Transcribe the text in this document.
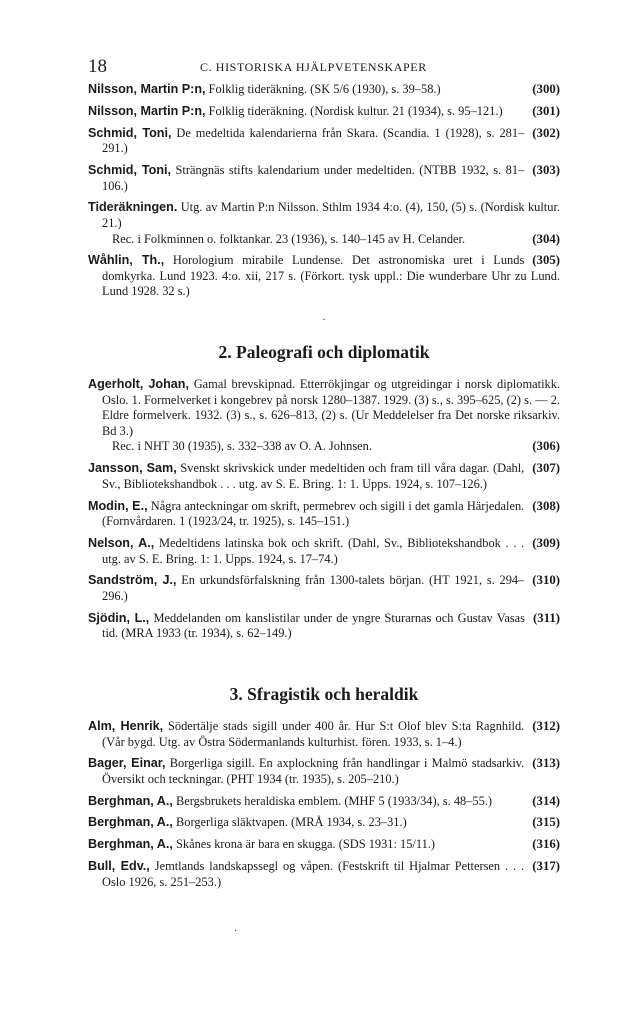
18	C. HISTORISKA HJÄLPVETENSKAPER
(300)
Nilsson, Martin P:n, Folklig tideräkning. (SK 5/6 (1930), s. 39–58.)
(301)
Nilsson, Martin P:n, Folklig tideräkning. (Nordisk kultur. 21 (1934), s. 95–121.)
(302)
Schmid, Toni, De medeltida kalendarierna från Skara. (Scandia. 1 (1928), s. 281–291.)
(303)
Schmid, Toni, Strängnäs stifts kalendarium under medeltiden. (NTBB 1932, s. 81–106.)
Tideräkningen. Utg. av Martin P:n Nilsson. Sthlm 1934 4:o. (4), 150, (5) s. (Nordisk kultur. 21.)
(304)
Rec. i Folkminnen o. folktankar. 23 (1936), s. 140–145 av H. Celander.
(305)
Wåhlin, Th., Horologium mirabile Lundense. Det astronomiska uret i Lunds domkyrka. Lund 1923. 4:o. xii, 217 s. (Förkort. tysk uppl.: Die wunderbare Uhr zu Lund. Lund 1928. 32 s.)
·
2. Paleografi och diplomatik
Agerholt, Johan, Gamal brevskipnad. Etterrökjingar og utgreidingar i norsk diplomatikk. Oslo. 1. Formelverket i kongebrev på norsk 1280–1387. 1929. (3) s., s. 395–625, (2) s. — 2. Eldre formelverk. 1932. (3) s., s. 626–813, (2) s. (Ur Meddelelser fra Det norske riksarkiv. Bd 3.)
(306)
Rec. i NHT 30 (1935), s. 332–338 av O. A. Johnsen.
(307)
Jansson, Sam, Svenskt skrivskick under medeltiden och fram till våra dagar. (Dahl, Sv., Bibliotekshandbok . . . utg. av S. E. Bring. 1: 1. Upps. 1924, s. 107–126.)
(308)
Modin, E., Några anteckningar om skrift, permebrev och sigill i det gamla Härjedalen. (Fornvårdaren. 1 (1923/24, tr. 1925), s. 145–151.)
(309)
Nelson, A., Medeltidens latinska bok och skrift. (Dahl, Sv., Bibliotekshandbok . . . utg. av S. E. Bring. 1: 1. Upps. 1924, s. 17–74.)
(310)
Sandström, J., En urkundsförfalskning från 1300-talets början. (HT 1921, s. 294–296.)
(311)
Sjödin, L., Meddelanden om kanslistilar under de yngre Sturarnas och Gustav Vasas tid. (MRA 1933 (tr. 1934), s. 62–149.)
3. Sfragistik och heraldik
(312)
Alm, Henrik, Södertälje stads sigill under 400 år. Hur S:t Olof blev S:ta Ragnhild. (Vår bygd. Utg. av Östra Södermanlands kulturhist. fören. 1933, s. 1–4.)
(313)
Bager, Einar, Borgerliga sigill. En axplockning från handlingar i Malmö stadsarkiv. Översikt och teckningar. (PHT 1934 (tr. 1935), s. 205–210.)
(314)
Berghman, A., Bergsbrukets heraldiska emblem. (MHF 5 (1933/34), s. 48–55.)
(315)
Berghman, A., Borgerliga släktvapen. (MRÅ 1934, s. 23–31.)
(316)
Berghman, A., Skånes krona är bara en skugga. (SDS 1931: 15/11.)
(317)
Bull, Edv., Jemtlands landskapssegl og våpen. (Festskrift til Hjalmar Pettersen . . . Oslo 1926, s. 251–253.)
·
